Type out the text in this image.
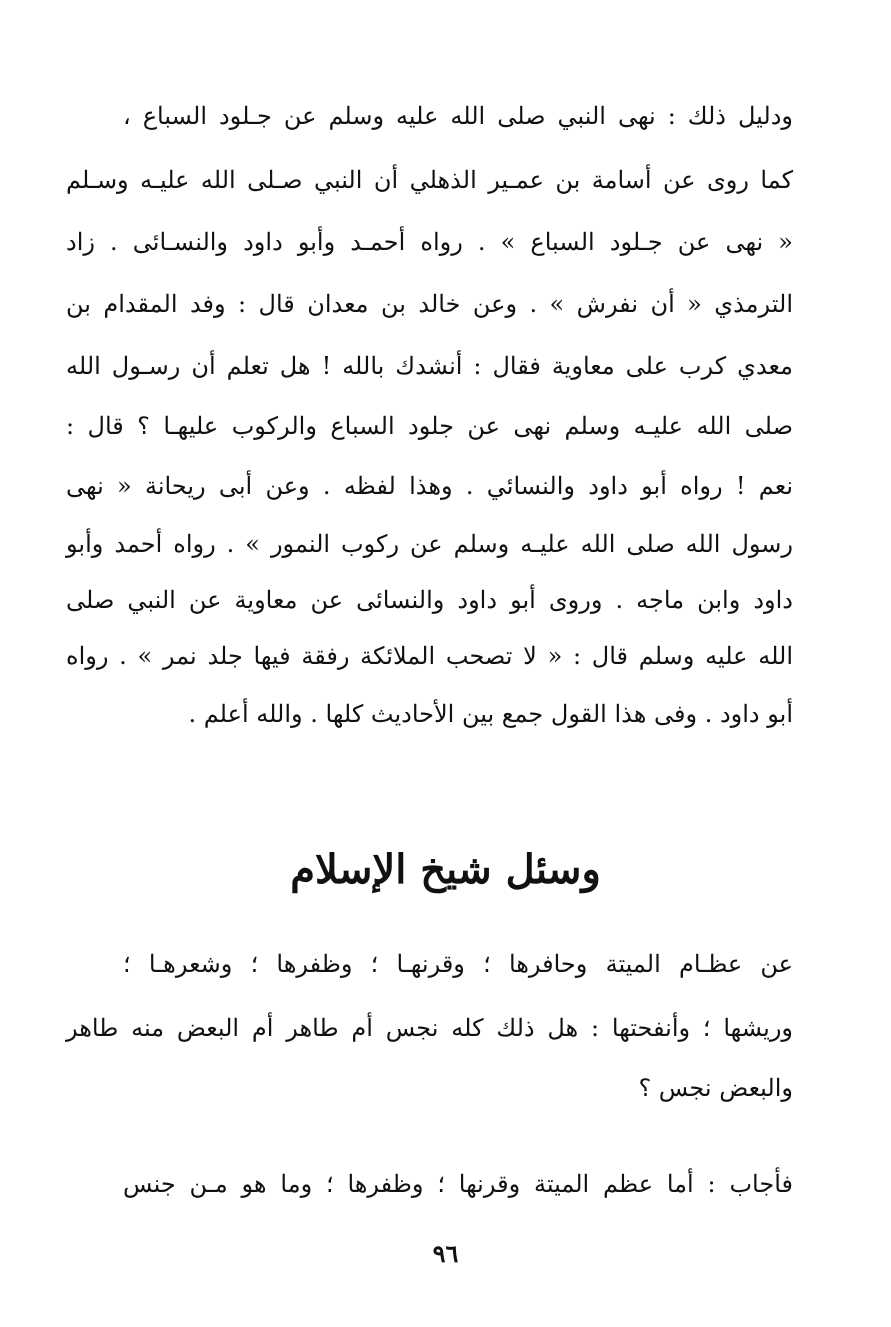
ودليل ذلك : نهى النبي صلى الله عليه وسلم عن جـلود السباع ،
كما روى عن أسامة بن عمـير الذهلي أن النبي صـلى الله عليـه وسـلم
« نهى عن جـلود السباع » . رواه أحمـد وأبو داود والنسـائى . زاد
الترمذي « أن نفرش » . وعن خالد بن معدان قال : وفد المقدام بن
معدي كرب على معاوية فقال : أنشدك بالله ! هل تعلم أن رسـول الله
صلى الله عليـه وسلم نهى عن جلود السباع والركوب عليهـا ؟ قال :
نعم ! رواه أبو داود والنسائي . وهذا لفظه . وعن أبى ريحانة « نهى
رسول الله صلى الله عليـه وسلم عن ركوب النمور » . رواه أحمد وأبو
داود وابن ماجه . وروى أبو داود والنسائى عن معاوية عن النبي صلى
الله عليه وسلم قال : « لا تصحب الملائكة رفقة فيها جلد نمر » . رواه
أبو داود . وفى هذا القول جمع بين الأحاديث كلها . والله أعلم .
وسئل شيخ الإسلام
عن عظـام الميتة وحافرها ؛ وقرنهـا ؛ وظفرها ؛ وشعرهـا ؛
وريشها ؛ وأنفحتها : هل ذلك كله نجس أم طاهر أم البعض منه طاهر
والبعض نجس ؟
فأجاب : أما عظم الميتة وقرنها ؛ وظفرها ؛ وما هو مـن جنس
٩٦
